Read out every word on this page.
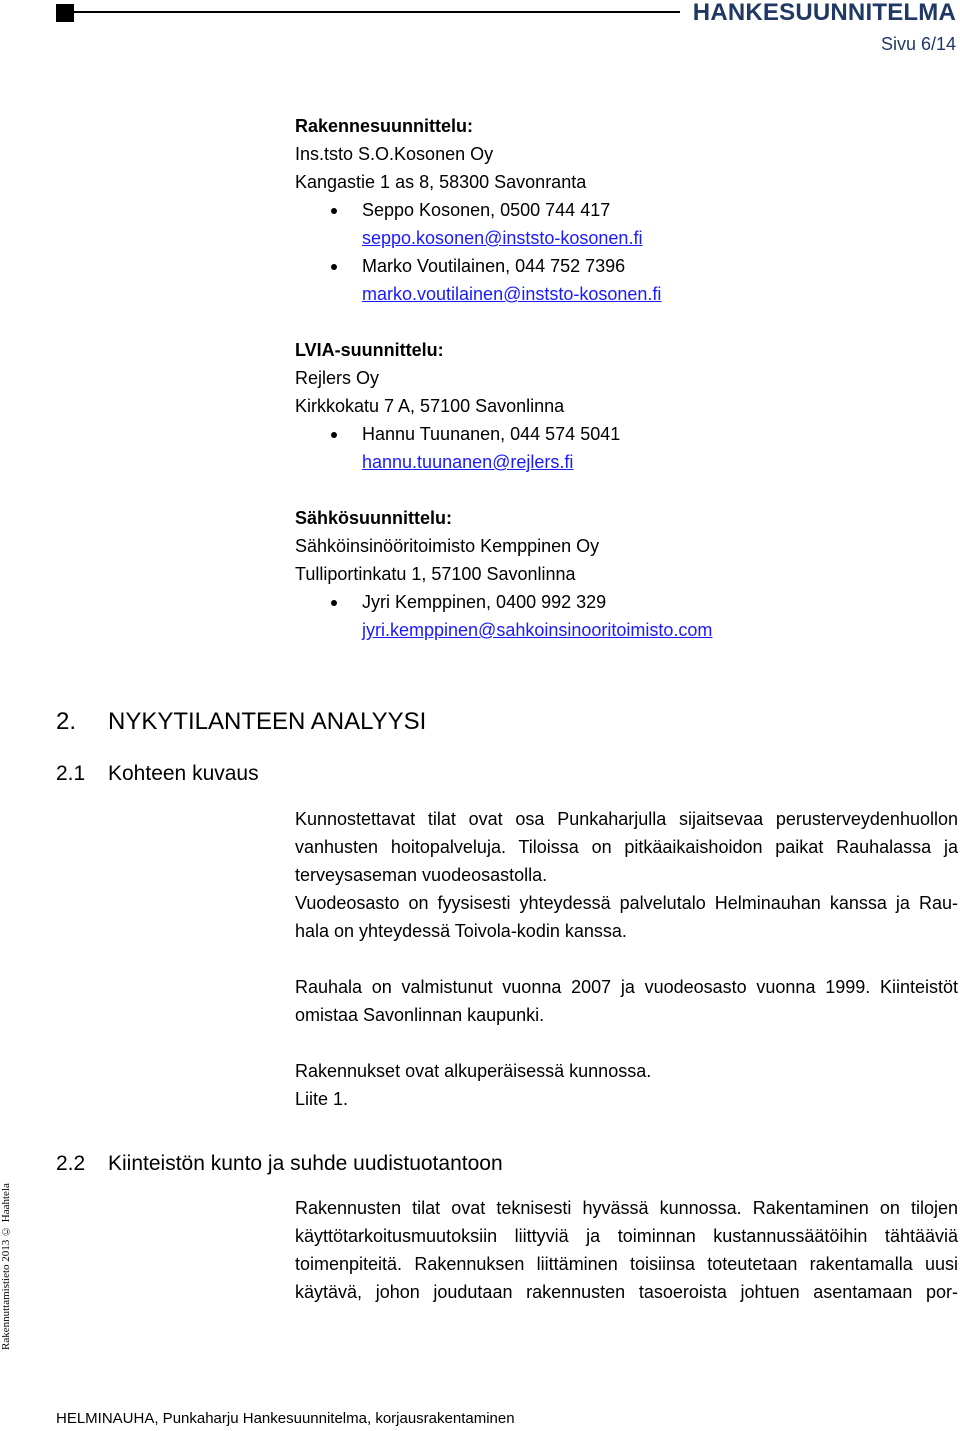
HANKESUUNNITELMA
Sivu 6/14
Rakennesuunnittelu:
Ins.tsto S.O.Kosonen Oy
Kangastie 1 as 8, 58300 Savonranta
Seppo Kosonen, 0500 744 417
seppo.kosonen@inststo-kosonen.fi
Marko Voutilainen, 044 752 7396
marko.voutilainen@inststo-kosonen.fi
LVIA-suunnittelu:
Rejlers Oy
Kirkkokatu 7 A, 57100 Savonlinna
Hannu Tuunanen, 044 574 5041
hannu.tuunanen@rejlers.fi
Sähkösuunnittelu:
Sähköinsinööritoimisto Kemppinen Oy
Tulliportinkatu 1, 57100 Savonlinna
Jyri Kemppinen, 0400 992 329
jyri.kemppinen@sahkoinsinooritoimisto.com
2. NYKYTILANTEEN ANALYYSI
2.1 Kohteen kuvaus
Kunnostettavat tilat ovat osa Punkaharjulla sijaitsevaa perusterveydenhuollon
vanhusten hoitopalveluja. Tiloissa on pitkäaikaishoidon paikat Rauhalassa ja
terveysaseman vuodeosastolla.
Vuodeosasto on fyysisesti yhteydessä palvelutalo Helminauhan kanssa ja Rau-
hala on yhteydessä Toivola-kodin kanssa.
Rauhala on valmistunut vuonna 2007 ja vuodeosasto vuonna 1999. Kiinteistöt
omistaa Savonlinnan kaupunki.
Rakennukset ovat alkuperäisessä kunnossa.
Liite 1.
2.2 Kiinteistön kunto ja suhde uudistuotantoon
Rakennusten tilat ovat teknisesti hyvässä kunnossa. Rakentaminen on tilojen
käyttötarkoitusmuutoksiin liittyviä ja toiminnan kustannussäätöihin tähtääviä
toimenpiteitä. Rakennuksen liittäminen toisiinsa toteutetaan rakentamalla uusi
käytävä, johon joudutaan rakennusten tasoeroista johtuen asentamaan por-
Rakennuttamistieto 2013 © Haahtela
HELMINAUHA, Punkaharju Hankesuunnitelma, korjausrakentaminen
